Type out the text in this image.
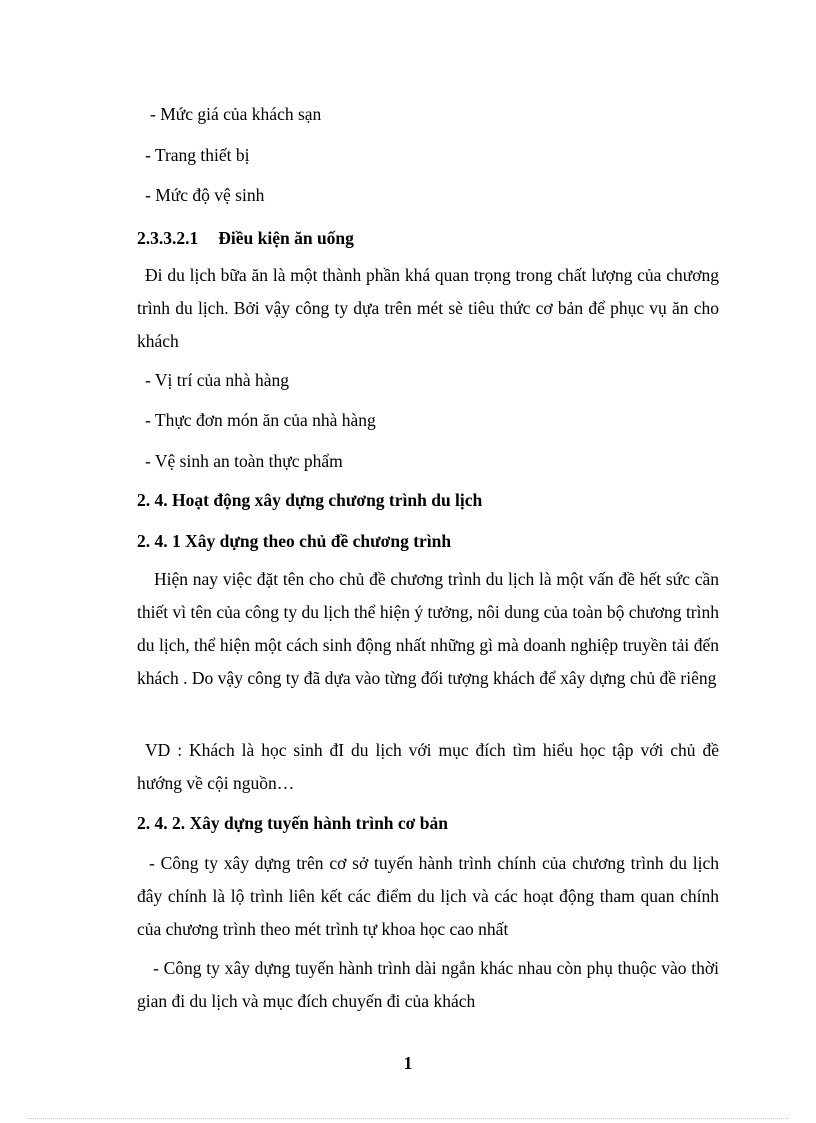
- Mức giá của khách sạn
- Trang thiết bị
- Mức độ vệ sinh
2.3.3.2.1 Điều kiện ăn uống
Đi du lịch bữa ăn là một thành phần khá quan trọng trong chất lượng của chương trình du lịch. Bởi vậy công ty dựa trên mét sè tiêu thức cơ bản để phục vụ ăn cho khách
- Vị trí của nhà hàng
- Thực đơn món ăn của nhà hàng
- Vệ sinh an toàn thực phẩm
2. 4. Hoạt động xây dựng chương trình du lịch
2. 4. 1 Xây dựng theo chủ đề chương trình
Hiện nay việc đặt tên cho chủ đề chương trình du lịch là một vấn đề hết sức cần thiết vì tên của công ty du lịch thể hiện ý tưởng, nôi dung của toàn bộ chương trình du lịch, thể hiện một cách sinh động nhất những gì mà doanh nghiệp truyền tải đến khách . Do vậy công ty đã dựa vào từng đối tượng khách để xây dựng chủ đề riêng
VD : Khách là học sinh đI du lịch với mục đích tìm hiểu học tập với chủ đề hướng về cội nguồn…
2. 4. 2. Xây dựng tuyến hành trình cơ bản
- Công ty xây dựng trên cơ sở tuyến hành trình chính của chương trình du lịch đây chính là lộ trình liên kết các điểm du lịch và các hoạt động tham quan chính của chương trình theo mét trình tự khoa học cao nhất
- Công ty xây dựng tuyến hành trình dài ngắn khác nhau còn phụ thuộc vào thời gian đi du lịch và mục đích chuyến đi của khách
1
